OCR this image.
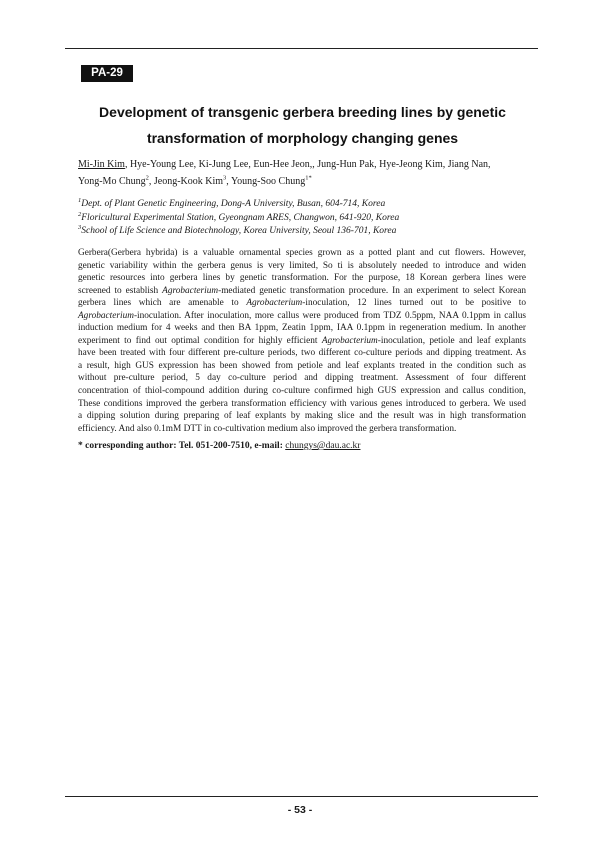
PA-29
Development of transgenic gerbera breeding lines by genetic
transformation of morphology changing genes
Mi-Jin Kim, Hye-Young Lee, Ki-Jung Lee, Eun-Hee Jeon,, Jung-Hun Pak, Hye-Jeong Kim, Jiang Nan,
Yong-Mo Chung$^2$, Jeong-Kook Kim$^3$, Young-Soo Chung$^{1*}$
$^1$Dept. of Plant Genetic Engineering, Dong-A University, Busan, 604-714, Korea
$^2$Floricultural Experimental Station, Gyeongnam ARES, Changwon, 641-920, Korea
$^3$School of Life Science and Biotechnology, Korea University, Seoul 136-701, Korea
Gerbera(Gerbera hybrida) is a valuable ornamental species grown as a potted plant and cut flowers. However,
genetic variability within the gerbera genus is very limited, So ti is absolutely needed to introduce and widen
genetic resources into gerbera lines by genetic transformation. For the purpose, 18 Korean gerbera lines were
screened to establish Agrobacterium-mediated genetic transformation procedure. In an experiment to select Korean
gerbera lines which are amenable to Agrobacterium-inoculation, 12 lines turned out to be positive to
Agrobacterium-inoculation. After inoculation, more callus were produced from TDZ 0.5ppm, NAA 0.1ppm in callus
induction medium for 4 weeks and then BA 1ppm, Zeatin 1ppm, IAA 0.1ppm in regeneration medium. In another
experiment to find out optimal condition for highly efficient Agrobacterium-inoculation, petiole and leaf explants
have been treated with four different pre-culture periods, two different co-culture periods and dipping treatment. As
a result, high GUS expression has been showed from petiole and leaf explants treated in the condition such as
without pre-culture period, 5 day co-culture period and dipping treatment. Assessment of four different
concentration of thiol-compound addition during co-culture confirmed high GUS expression and callus condition,
These conditions improved the gerbera transformation efficiency with various genes introduced to gerbera. We used
a dipping solution during preparing of leaf explants by making slice and the result was in high transformation
efficiency. And also 0.1mM DTT in co-cultivation medium also improved the gerbera transformation.
* corresponding author: Tel. 051-200-7510, e-mail: chungys@dau.ac.kr
- 53 -
